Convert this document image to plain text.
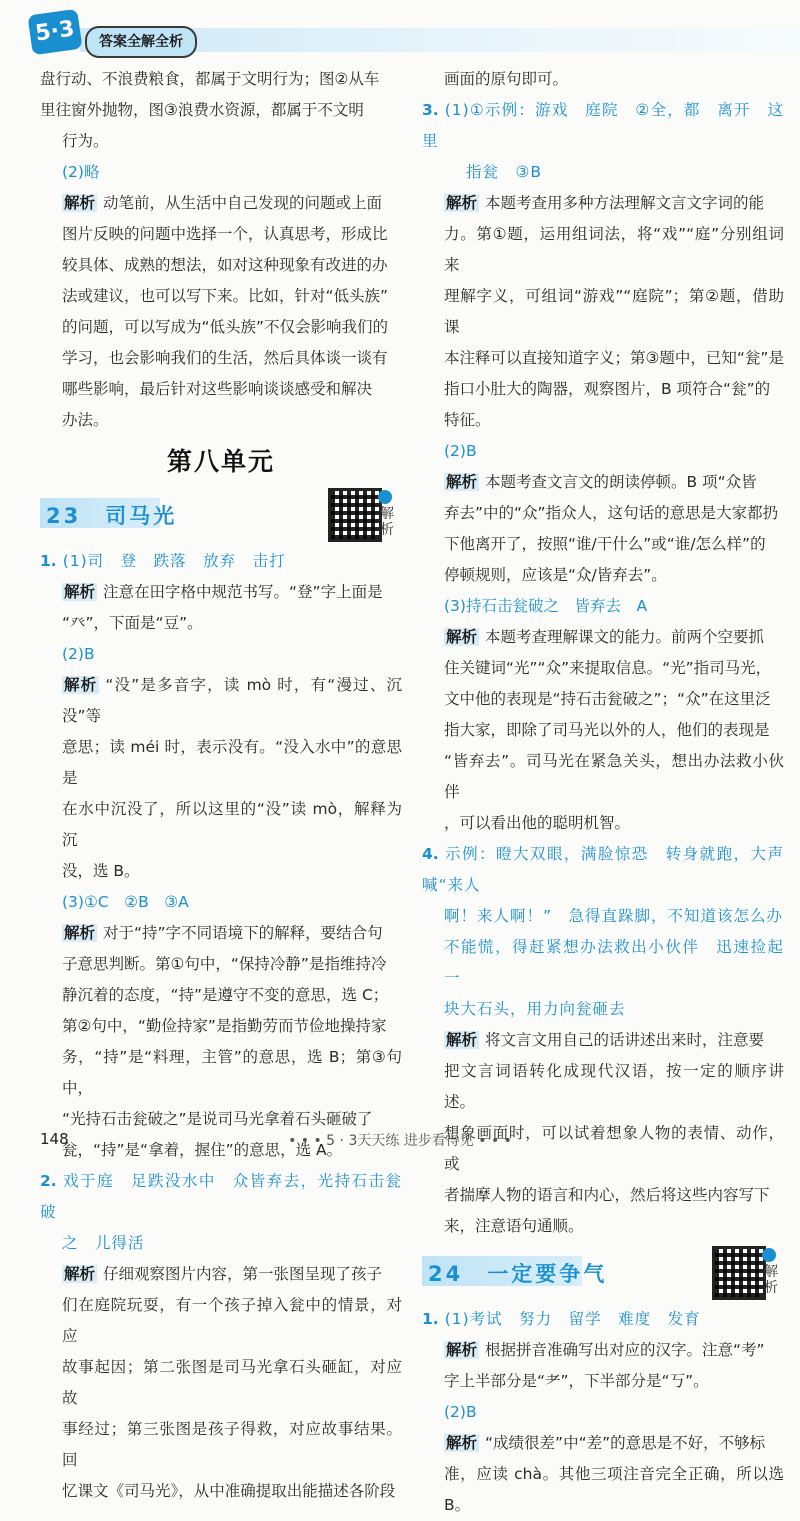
5·3	答案全解全析

盘行动、不浪费粮食，都属于文明行为；图②从车

里往窗外抛物，图③浪费水资源，都属于不文明

行为。

(2)略

解析 动笔前，从生活中自己发现的问题或上面

图片反映的问题中选择一个，认真思考，形成比

较具体、成熟的想法，如对这种现象有改进的办

法或建议，也可以写下来。比如，针对“低头族”

的问题，可以写成为“低头族”不仅会影响我们的

学习，也会影响我们的生活，然后具体谈一谈有

哪些影响，最后针对这些影响谈谈感受和解决

办法。

第八单元
23　司马光	解析

1. (1)司　登　跌落　放弃　击打

解析 注意在田字格中规范书写。“登”字上面是

“癶”，下面是“豆”。

(2)B

解析 “没”是多音字，读 mò 时，有“漫过、沉没”等

意思；读 méi 时，表示没有。“没入水中”的意思是

在水中沉没了，所以这里的“没”读 mò，解释为沉

没，选 B。

(3)①C　②B　③A

解析 对于“持”字不同语境下的解释，要结合句

子意思判断。第①句中，“保持冷静”是指维持冷

静沉着的态度，“持”是遵守不变的意思，选 C；

第②句中，“勤俭持家”是指勤劳而节俭地操持家

务，“持”是“料理，主管”的意思，选 B；第③句中，

“光持石击瓮破之”是说司马光拿着石头砸破了

瓮，“持”是“拿着，握住”的意思，选 A。

2. 戏于庭　足跌没水中　众皆弃去，光持石击瓮破

之　儿得活

解析 仔细观察图片内容，第一张图呈现了孩子

们在庭院玩耍，有一个孩子掉入瓮中的情景，对应

故事起因；第二张图是司马光拿石头砸缸，对应故

事经过；第三张图是孩子得救，对应故事结果。回

忆课文《司马光》，从中准确提取出能描述各阶段

画面的原句即可。

3. (1)①示例：游戏　庭院　②全，都　离开　这里

指瓮　③B

解析 本题考查用多种方法理解文言文字词的能

力。第①题，运用组词法，将“戏”“庭”分别组词来

理解字义，可组词“游戏”“庭院”；第②题，借助课

本注释可以直接知道字义；第③题中，已知“瓮”是

指口小肚大的陶器，观察图片，B 项符合“瓮”的

特征。

(2)B

解析 本题考查文言文的朗读停顿。B 项“众皆

弃去”中的“众”指众人，这句话的意思是大家都扔

下他离开了，按照“谁/干什么”或“谁/怎么样”的

停顿规则，应该是“众/皆弃去”。

(3)持石击瓮破之　皆弃去　A

解析 本题考查理解课文的能力。前两个空要抓

住关键词“光”“众”来提取信息。“光”指司马光，

文中他的表现是“持石击瓮破之”；“众”在这里泛

指大家，即除了司马光以外的人，他们的表现是

“皆弃去”。司马光在紧急关头，想出办法救小伙伴

，可以看出他的聪明机智。

4. 示例：瞪大双眼，满脸惊恐　转身就跑，大声喊“来人

啊！来人啊！”　急得直跺脚，不知道该怎么办

不能慌，得赶紧想办法救出小伙伴　迅速捡起一

块大石头，用力向瓮砸去

解析 将文言文用自己的话讲述出来时，注意要

把文言词语转化成现代汉语，按一定的顺序讲述。

想象画面时，可以试着想象人物的表情、动作，或

者揣摩人物的语言和内心，然后将这些内容写下

来，注意语句通顺。

24　一定要争气	解析

1. (1)考试　努力　留学　难度　发育

解析 根据拼音准确写出对应的汉字。注意“考”

字上半部分是“耂”，下半部分是“丂”。

(2)B

解析 “成绩很差”中“差”的意思是不好，不够标

准，应读 chà。其他三项注音完全正确，所以选 B。

148	• • • 5 · 3天天练 进步看得见 • • •
